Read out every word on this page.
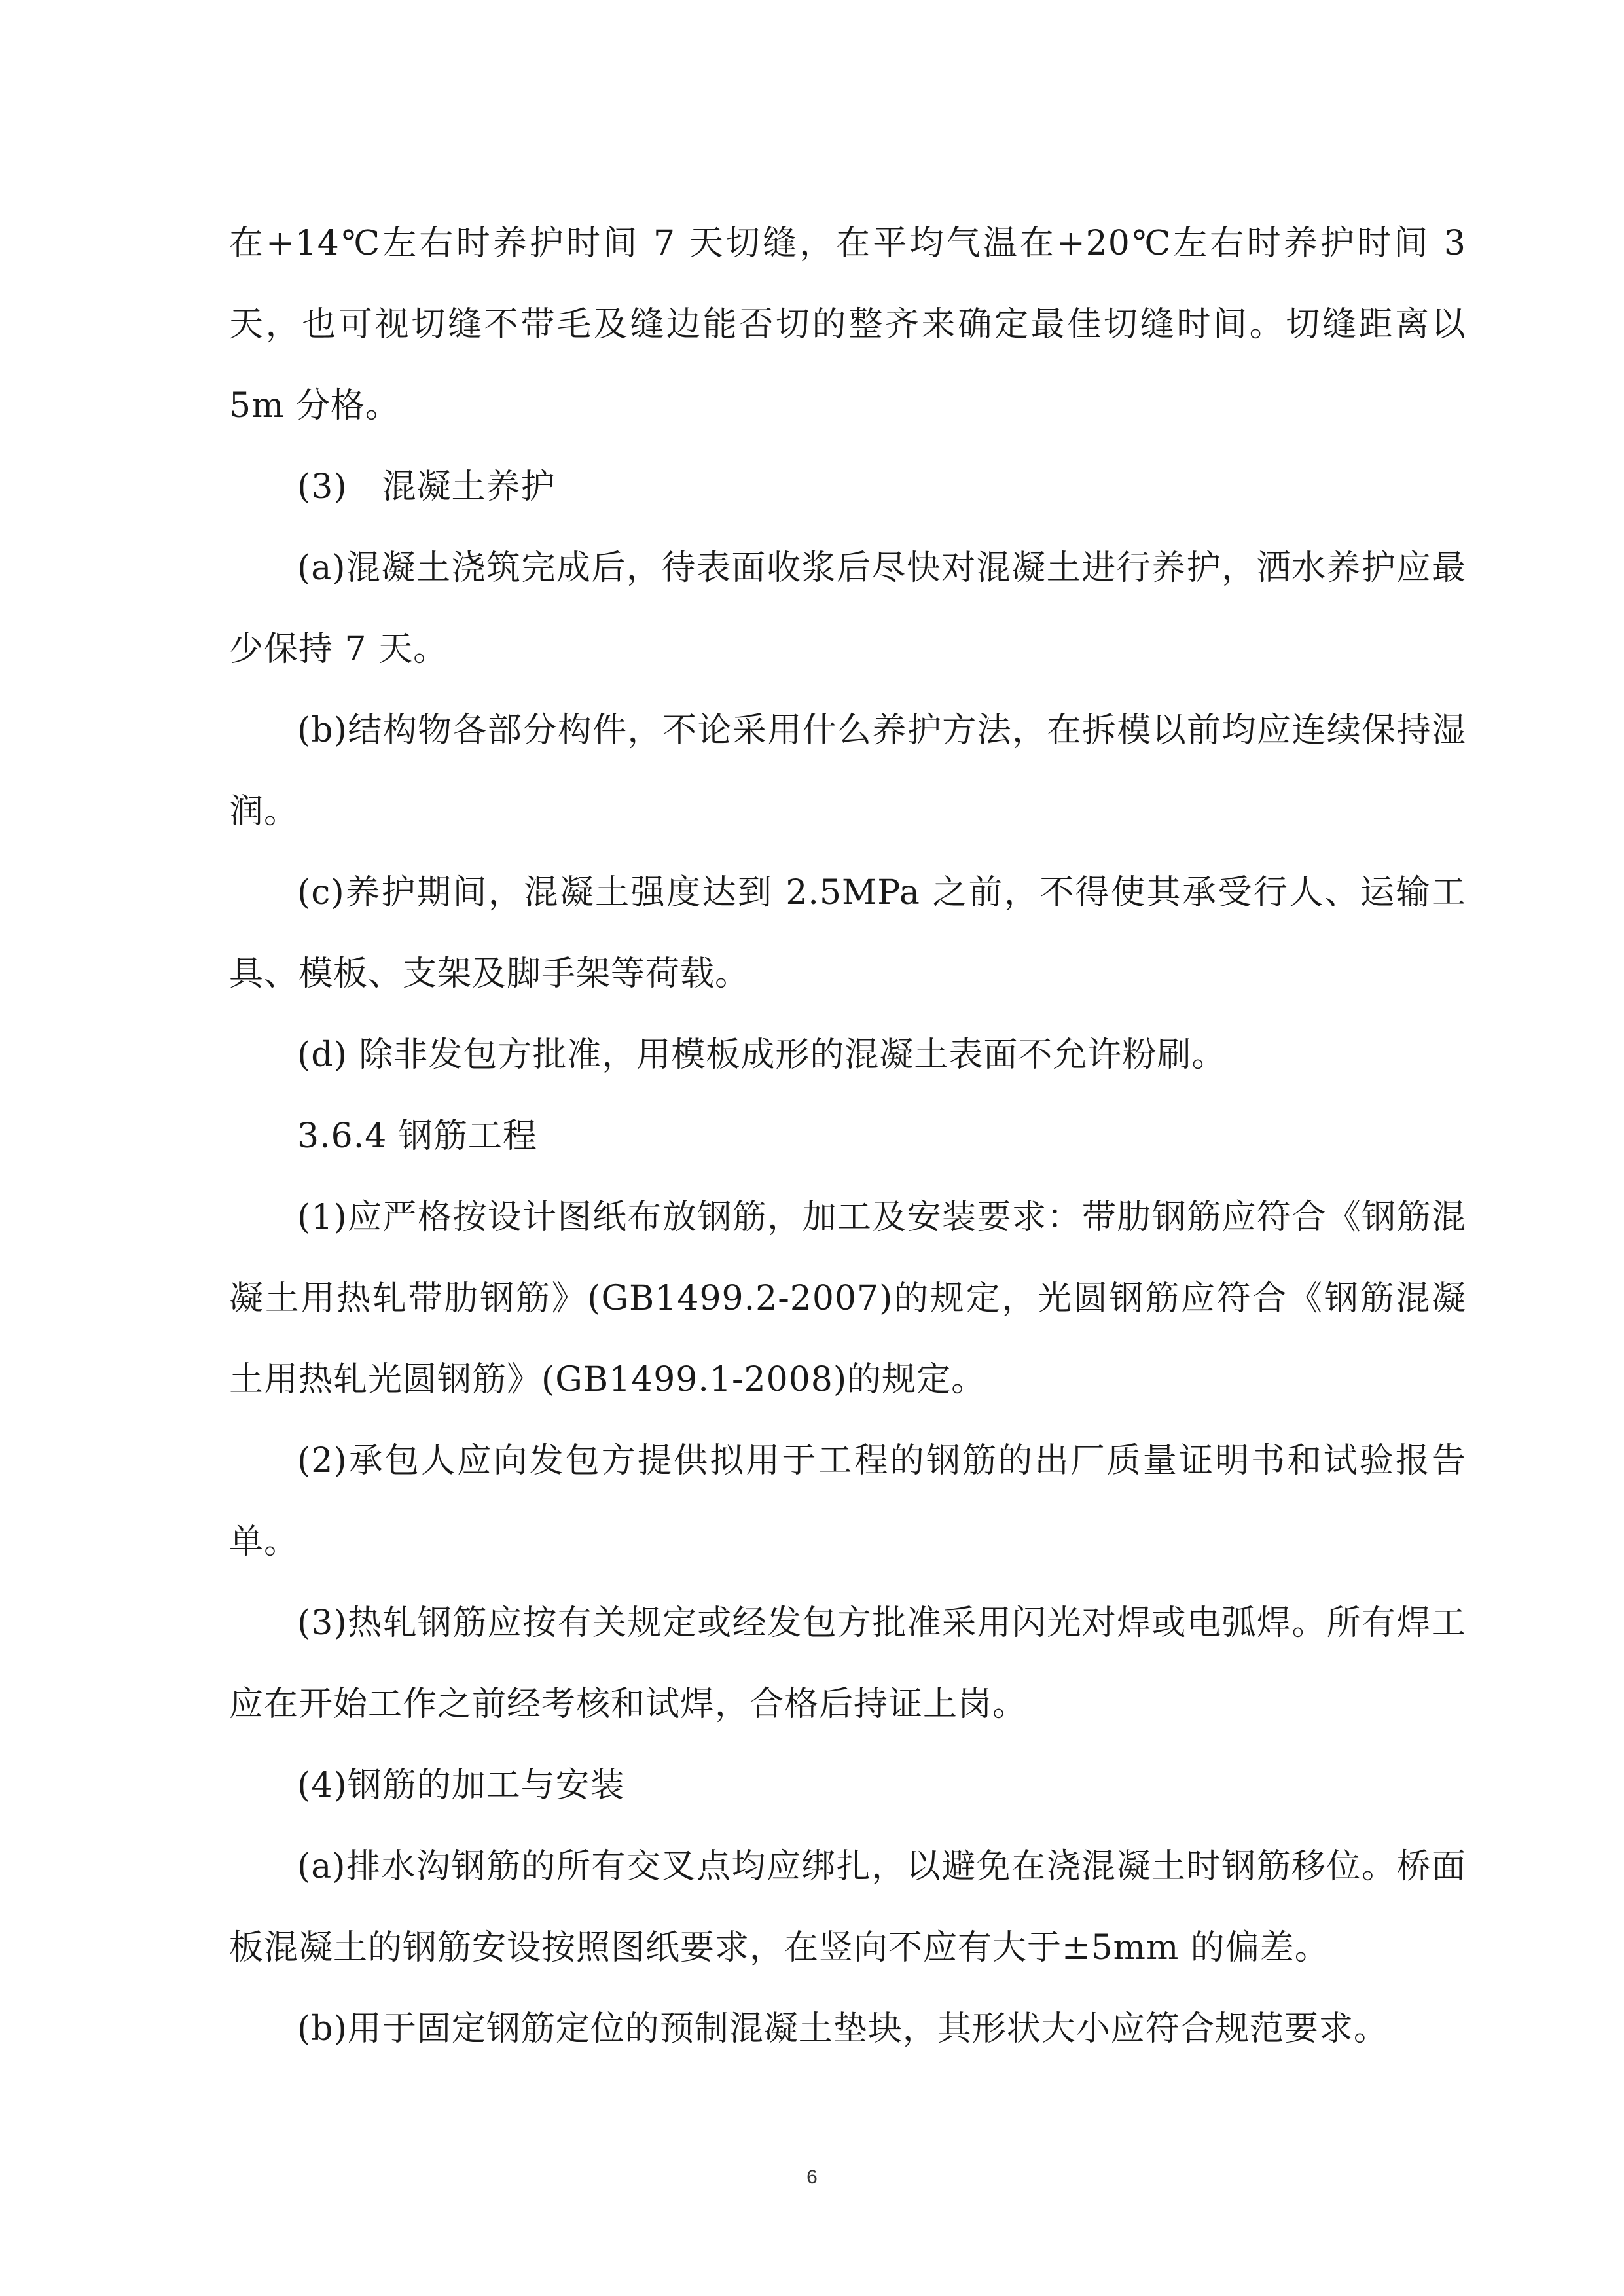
在+14℃左右时养护时间 7 天切缝，在平均气温在+20℃左右时养护时间 3 天，也可视切缝不带毛及缝边能否切的整齐来确定最佳切缝时间。切缝距离以 5m 分格。

(3)　混凝土养护

(a)混凝土浇筑完成后，待表面收浆后尽快对混凝土进行养护，洒水养护应最少保持 7 天。

(b)结构物各部分构件，不论采用什么养护方法，在拆模以前均应连续保持湿润。

(c)养护期间，混凝土强度达到 2.5MPa 之前，不得使其承受行人、运输工具、模板、支架及脚手架等荷载。

(d) 除非发包方批准，用模板成形的混凝土表面不允许粉刷。

3.6.4 钢筋工程

(1)应严格按设计图纸布放钢筋，加工及安装要求：带肋钢筋应符合《钢筋混凝土用热轧带肋钢筋》(GB1499.2-2007)的规定，光圆钢筋应符合《钢筋混凝土用热轧光圆钢筋》(GB1499.1-2008)的规定。

(2)承包人应向发包方提供拟用于工程的钢筋的出厂质量证明书和试验报告单。

(3)热轧钢筋应按有关规定或经发包方批准采用闪光对焊或电弧焊。所有焊工应在开始工作之前经考核和试焊，合格后持证上岗。

(4)钢筋的加工与安装

(a)排水沟钢筋的所有交叉点均应绑扎，以避免在浇混凝土时钢筋移位。桥面板混凝土的钢筋安设按照图纸要求，在竖向不应有大于±5mm 的偏差。

(b)用于固定钢筋定位的预制混凝土垫块，其形状大小应符合规范要求。

6
